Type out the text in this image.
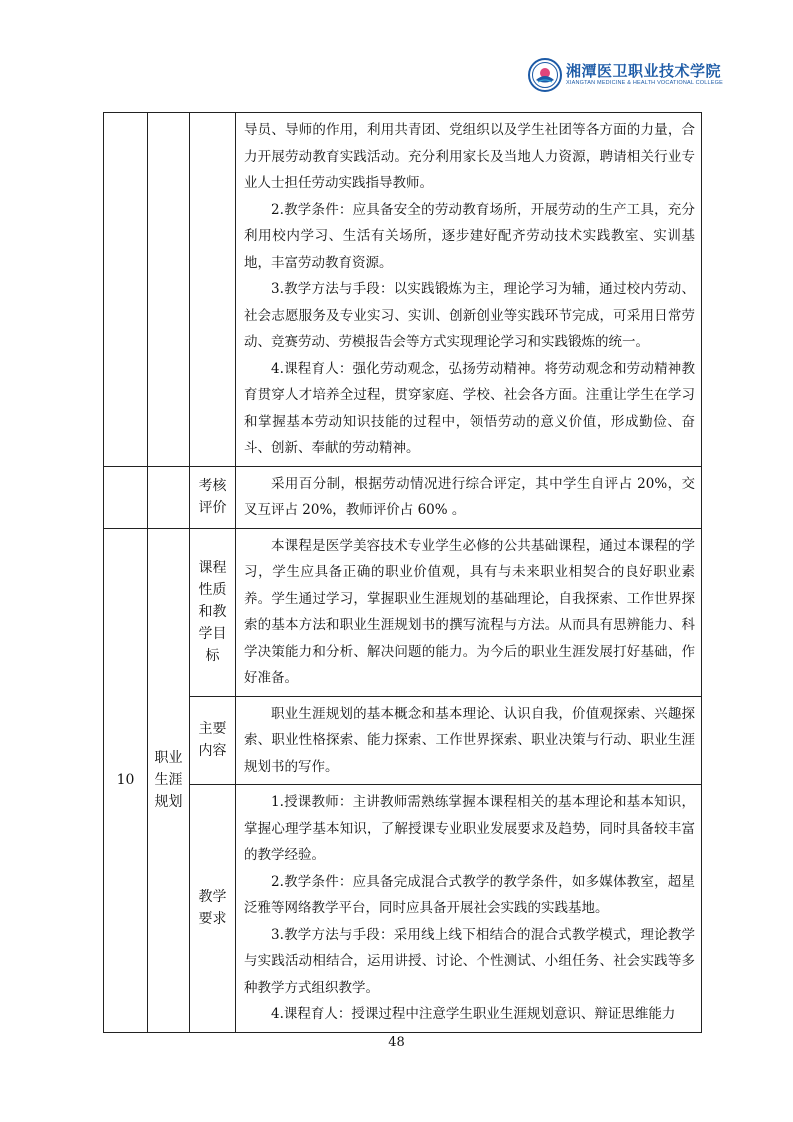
湘潭医卫职业技术学院
XIANGTAN MEDICINE & HEALTH VOCATIONAL COLLEGE

			导员、导师的作用，利用共青团、党组织以及学生社团等各方面的力量，合力开展劳动教育实践活动。充分利用家长及当地人力资源，聘请相关行业专业人士担任劳动实践指导教师。

2.教学条件：应具备安全的劳动教育场所，开展劳动的生产工具，充分利用校内学习、生活有关场所，逐步建好配齐劳动技术实践教室、实训基地，丰富劳动教育资源。

3.教学方法与手段：以实践锻炼为主，理论学习为辅，通过校内劳动、社会志愿服务及专业实习、实训、创新创业等实践环节完成，可采用日常劳动、竞赛劳动、劳模报告会等方式实现理论学习和实践锻炼的统一。

4.课程育人：强化劳动观念，弘扬劳动精神。将劳动观念和劳动精神教育贯穿人才培养全过程，贯穿家庭、学校、社会各方面。注重让学生在学习和掌握基本劳动知识技能的过程中，领悟劳动的意义价值，形成勤俭、奋斗、创新、奉献的劳动精神。

		考核评价	采用百分制，根据劳动情况进行综合评定，其中学生自评占 20%，交叉互评占 20%，教师评价占 60% 。

10	职业生涯规划	课程性质和教学目标	本课程是医学美容技术专业学生必修的公共基础课程，通过本课程的学习，学生应具备正确的职业价值观，具有与未来职业相契合的良好职业素养。学生通过学习，掌握职业生涯规划的基础理论，自我探索、工作世界探索的基本方法和职业生涯规划书的撰写流程与方法。从而具有思辨能力、科学决策能力和分析、解决问题的能力。为今后的职业生涯发展打好基础，作好准备。

		主要内容	职业生涯规划的基本概念和基本理论、认识自我，价值观探索、兴趣探索、职业性格探索、能力探索、工作世界探索、职业决策与行动、职业生涯规划书的写作。

		教学要求	1.授课教师：主讲教师需熟练掌握本课程相关的基本理论和基本知识，掌握心理学基本知识，了解授课专业职业发展要求及趋势，同时具备较丰富的教学经验。

2.教学条件：应具备完成混合式教学的教学条件，如多媒体教室，超星泛雅等网络教学平台，同时应具备开展社会实践的实践基地。

3.教学方法与手段：采用线上线下相结合的混合式教学模式，理论教学与实践活动相结合，运用讲授、讨论、个性测试、小组任务、社会实践等多种教学方式组织教学。

4.课程育人：授课过程中注意学生职业生涯规划意识、辩证思维能力

48
